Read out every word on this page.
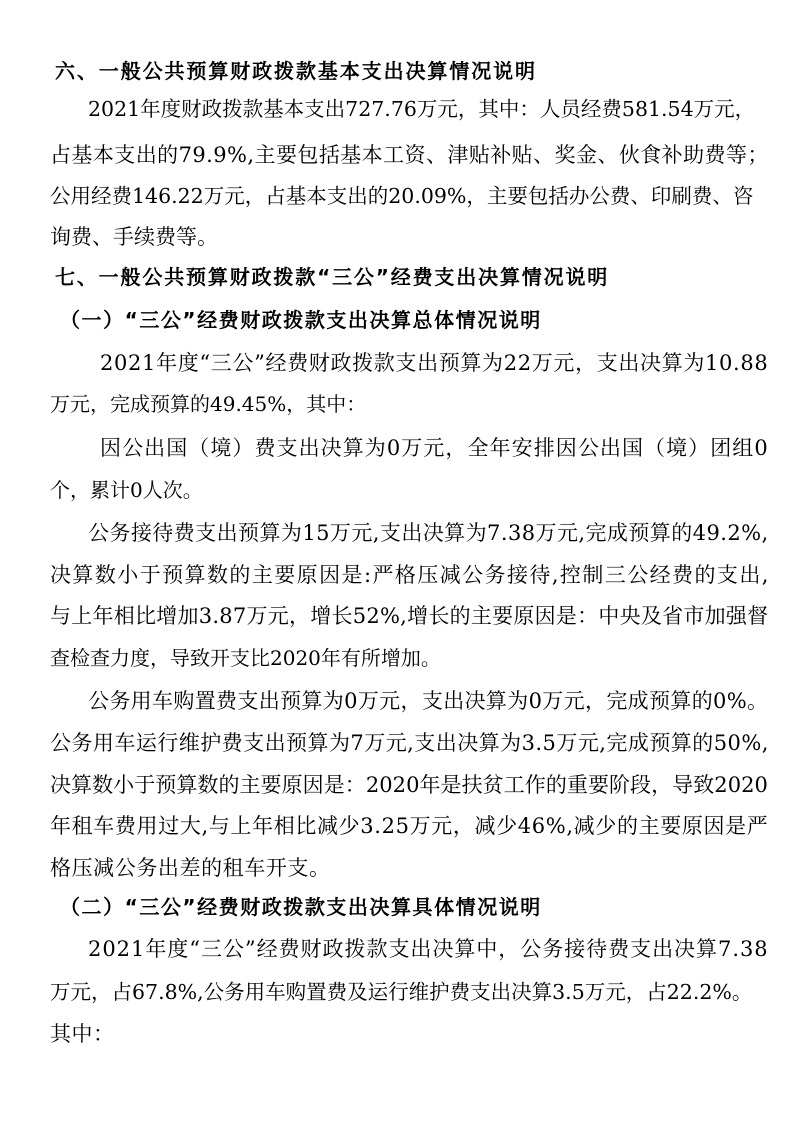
六、一般公共预算财政拨款基本支出决算情况说明
2021年度财政拨款基本支出727.76万元，其中：人员经费581.54万元，
占基本支出的79.9%,主要包括基本工资、津贴补贴、奖金、伙食补助费等；
公用经费146.22万元，占基本支出的20.09%，主要包括办公费、印刷费、咨
询费、手续费等。
七、一般公共预算财政拨款“三公”经费支出决算情况说明
（一）“三公”经费财政拨款支出决算总体情况说明
2021年度“三公”经费财政拨款支出预算为22万元，支出决算为10.88
万元，完成预算的49.45%，其中：
因公出国（境）费支出决算为0万元，全年安排因公出国（境）团组0
个，累计0人次。
公务接待费支出预算为15万元,支出决算为7.38万元,完成预算的49.2%,
决算数小于预算数的主要原因是:严格压减公务接待,控制三公经费的支出,
与上年相比增加3.87万元，增长52%,增长的主要原因是：中央及省市加强督
查检查力度，导致开支比2020年有所增加。
公务用车购置费支出预算为0万元，支出决算为0万元，完成预算的0%。
公务用车运行维护费支出预算为7万元,支出决算为3.5万元,完成预算的50%,
决算数小于预算数的主要原因是：2020年是扶贫工作的重要阶段，导致2020
年租车费用过大,与上年相比减少3.25万元，减少46%,减少的主要原因是严
格压减公务出差的租车开支。
（二）“三公”经费财政拨款支出决算具体情况说明
2021年度“三公”经费财政拨款支出决算中，公务接待费支出决算7.38
万元，占67.8%,公务用车购置费及运行维护费支出决算3.5万元，占22.2%。
其中：
